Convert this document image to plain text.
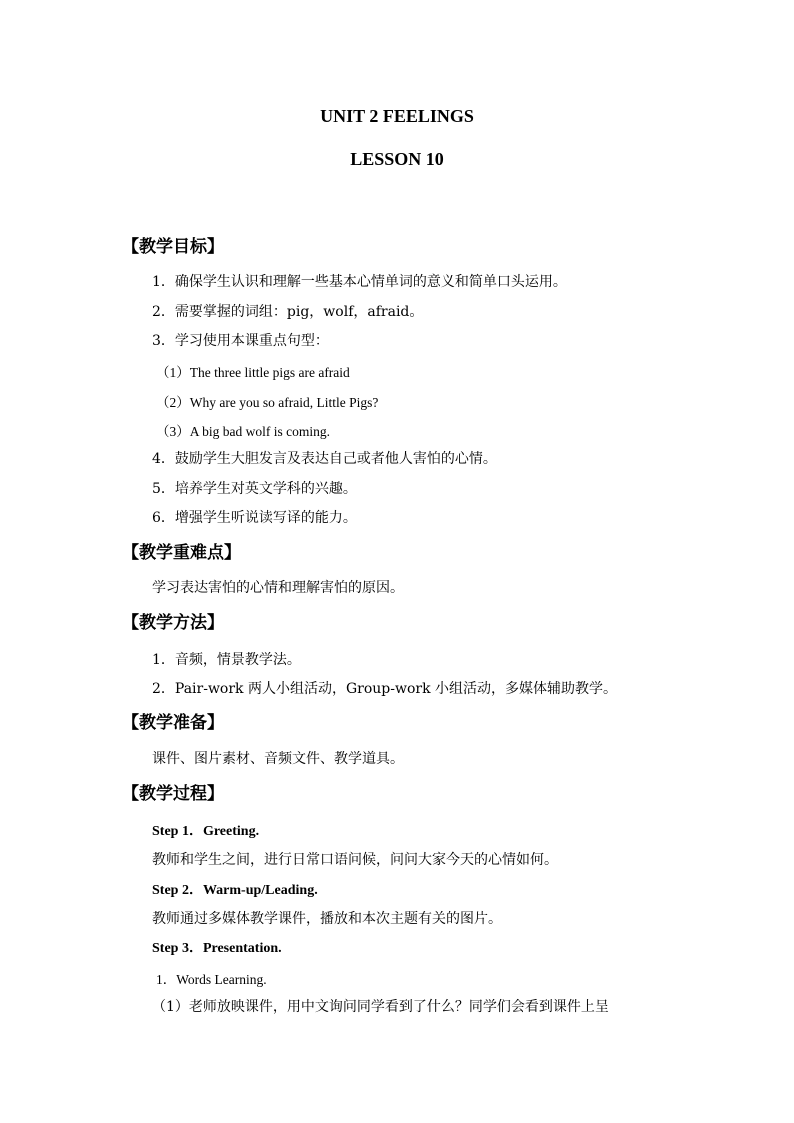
UNIT 2 FEELINGS
LESSON 10
【教学目标】
1．确保学生认识和理解一些基本心情单词的意义和简单口头运用。
2．需要掌握的词组：pig，wolf，afraid。
3．学习使用本课重点句型：
（1）The three little pigs are afraid
（2）Why are you so afraid, Little Pigs?
（3）A big bad wolf is coming.
4．鼓励学生大胆发言及表达自己或者他人害怕的心情。
5．培养学生对英文学科的兴趣。
6．增强学生听说读写译的能力。
【教学重难点】
学习表达害怕的心情和理解害怕的原因。
【教学方法】
1．音频，情景教学法。
2．Pair-work 两人小组活动，Group-work 小组活动，多媒体辅助教学。
【教学准备】
课件、图片素材、音频文件、教学道具。
【教学过程】
Step 1．Greeting.
教师和学生之间，进行日常口语问候，问问大家今天的心情如何。
Step 2．Warm-up/Leading.
教师通过多媒体教学课件，播放和本次主题有关的图片。
Step 3．Presentation.
1．Words Learning.
（1）老师放映课件，用中文询问同学看到了什么？同学们会看到课件上呈
